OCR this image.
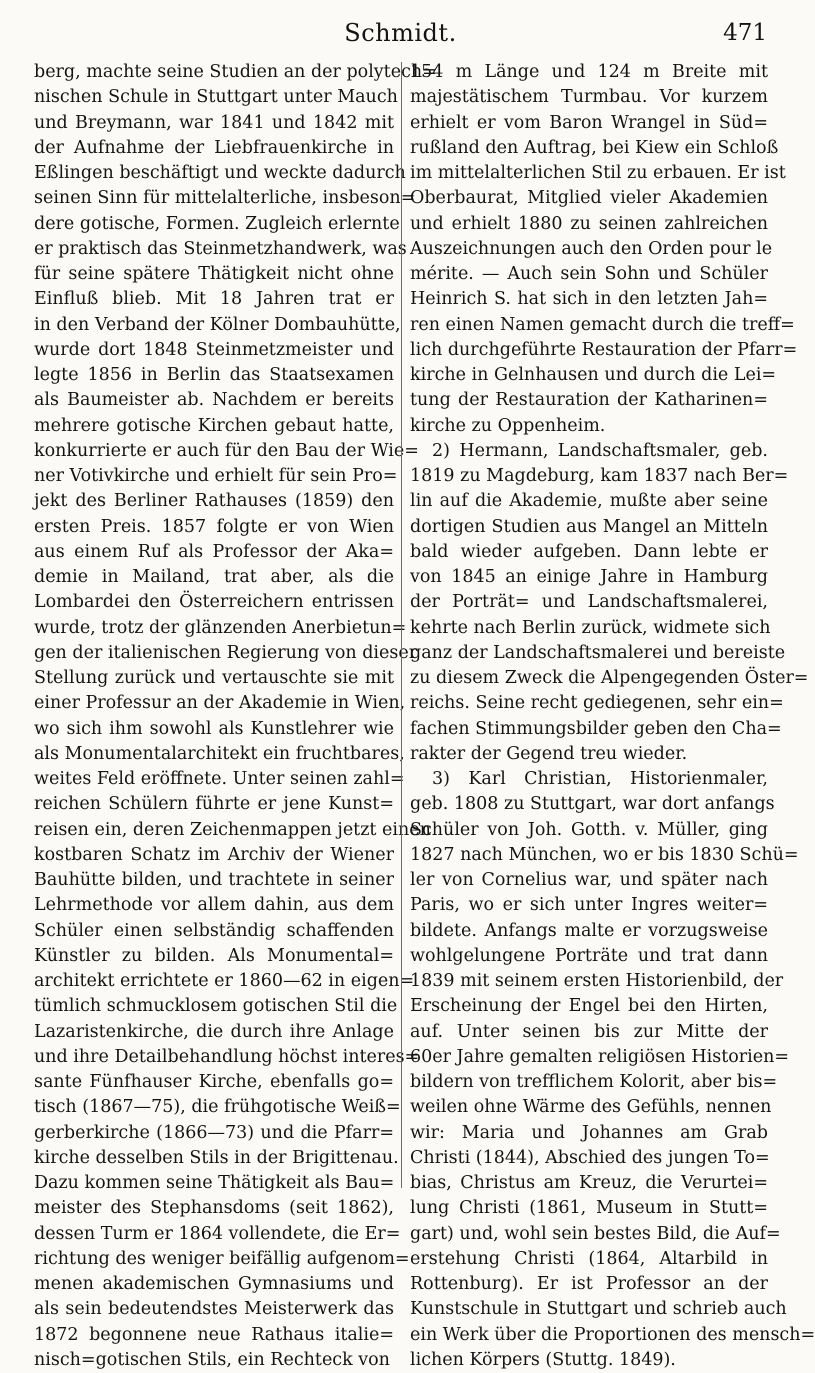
Schmidt.	471
berg, machte seine Studien an der polytech=
nischen Schule in Stuttgart unter Mauch
und Breymann, war 1841 und 1842 mit
der Aufnahme der Liebfrauenkirche in
Eßlingen beschäftigt und weckte dadurch
seinen Sinn für mittelalterliche, insbeson=
dere gotische, Formen. Zugleich erlernte
er praktisch das Steinmetzhandwerk, was
für seine spätere Thätigkeit nicht ohne
Einfluß blieb. Mit 18 Jahren trat er
in den Verband der Kölner Dombauhütte,
wurde dort 1848 Steinmetzmeister und
legte 1856 in Berlin das Staatsexamen
als Baumeister ab. Nachdem er bereits
mehrere gotische Kirchen gebaut hatte,
konkurrierte er auch für den Bau der Wie=
ner Votivkirche und erhielt für sein Pro=
jekt des Berliner Rathauses (1859) den
ersten Preis. 1857 folgte er von Wien
aus einem Ruf als Professor der Aka=
demie in Mailand, trat aber, als die
Lombardei den Österreichern entrissen
wurde, trotz der glänzenden Anerbietun=
gen der italienischen Regierung von dieser
Stellung zurück und vertauschte sie mit
einer Professur an der Akademie in Wien,
wo sich ihm sowohl als Kunstlehrer wie
als Monumentalarchitekt ein fruchtbares,
weites Feld eröffnete. Unter seinen zahl=
reichen Schülern führte er jene Kunst=
reisen ein, deren Zeichenmappen jetzt einen
kostbaren Schatz im Archiv der Wiener
Bauhütte bilden, und trachtete in seiner
Lehrmethode vor allem dahin, aus dem
Schüler einen selbständig schaffenden
Künstler zu bilden. Als Monumental=
architekt errichtete er 1860—62 in eigen=
tümlich schmucklosem gotischen Stil die
Lazaristenkirche, die durch ihre Anlage
und ihre Detailbehandlung höchst interes=
sante Fünfhauser Kirche, ebenfalls go=
tisch (1867—75), die frühgotische Weiß=
gerberkirche (1866—73) und die Pfarr=
kirche desselben Stils in der Brigittenau.
Dazu kommen seine Thätigkeit als Bau=
meister des Stephansdoms (seit 1862),
dessen Turm er 1864 vollendete, die Er=
richtung des weniger beifällig aufgenom=
menen akademischen Gymnasiums und
als sein bedeutendstes Meisterwerk das
1872 begonnene neue Rathaus italie=
nisch=gotischen Stils, ein Rechteck von
154 m Länge und 124 m Breite mit
majestätischem Turmbau. Vor kurzem
erhielt er vom Baron Wrangel in Süd=
rußland den Auftrag, bei Kiew ein Schloß
im mittelalterlichen Stil zu erbauen. Er ist
Oberbaurat, Mitglied vieler Akademien
und erhielt 1880 zu seinen zahlreichen
Auszeichnungen auch den Orden pour le
mérite. — Auch sein Sohn und Schüler
Heinrich S. hat sich in den letzten Jah=
ren einen Namen gemacht durch die treff=
lich durchgeführte Restauration der Pfarr=
kirche in Gelnhausen und durch die Lei=
tung der Restauration der Katharinen=
kirche zu Oppenheim.
2) Hermann, Landschaftsmaler, geb.
1819 zu Magdeburg, kam 1837 nach Ber=
lin auf die Akademie, mußte aber seine
dortigen Studien aus Mangel an Mitteln
bald wieder aufgeben. Dann lebte er
von 1845 an einige Jahre in Hamburg
der Porträt= und Landschaftsmalerei,
kehrte nach Berlin zurück, widmete sich
ganz der Landschaftsmalerei und bereiste
zu diesem Zweck die Alpengegenden Öster=
reichs. Seine recht gediegenen, sehr ein=
fachen Stimmungsbilder geben den Cha=
rakter der Gegend treu wieder.
3) Karl Christian, Historienmaler,
geb. 1808 zu Stuttgart, war dort anfangs
Schüler von Joh. Gotth. v. Müller, ging
1827 nach München, wo er bis 1830 Schü=
ler von Cornelius war, und später nach
Paris, wo er sich unter Ingres weiter=
bildete. Anfangs malte er vorzugsweise
wohlgelungene Porträte und trat dann
1839 mit seinem ersten Historienbild, der
Erscheinung der Engel bei den Hirten,
auf. Unter seinen bis zur Mitte der
60er Jahre gemalten religiösen Historien=
bildern von trefflichem Kolorit, aber bis=
weilen ohne Wärme des Gefühls, nennen
wir: Maria und Johannes am Grab
Christi (1844), Abschied des jungen To=
bias, Christus am Kreuz, die Verurtei=
lung Christi (1861, Museum in Stutt=
gart) und, wohl sein bestes Bild, die Auf=
erstehung Christi (1864, Altarbild in
Rottenburg). Er ist Professor an der
Kunstschule in Stuttgart und schrieb auch
ein Werk über die Proportionen des mensch=
lichen Körpers (Stuttg. 1849).
